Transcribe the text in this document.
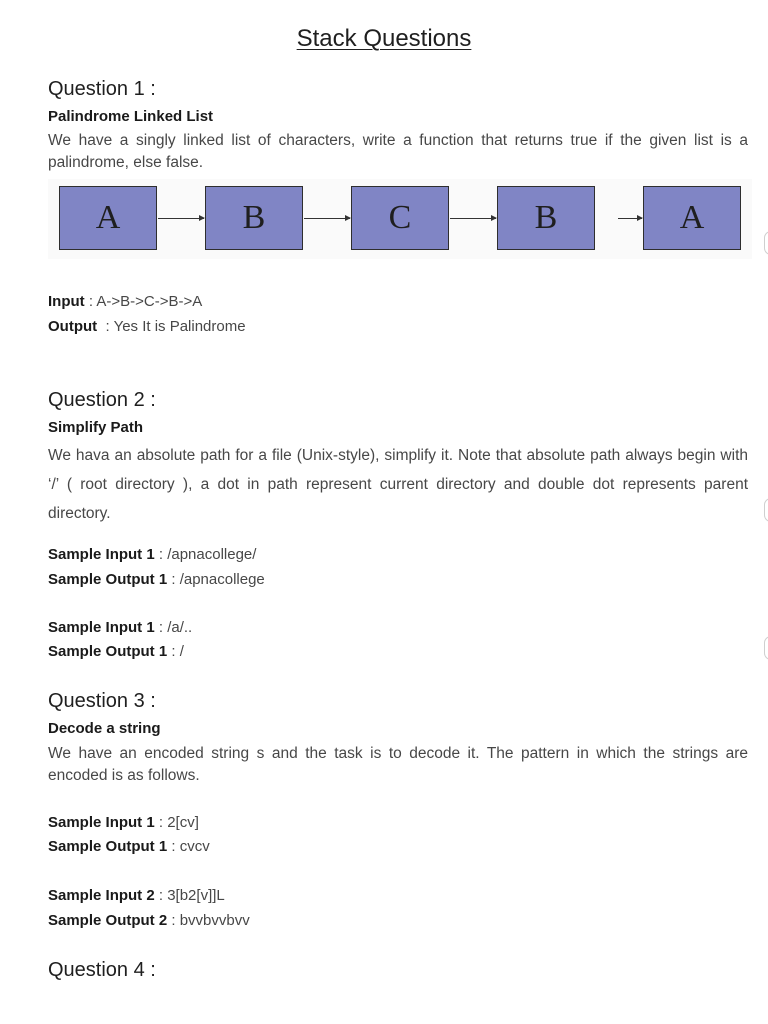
Stack Questions
Question 1 :

Palindrome Linked List

We have a singly linked list of characters, write a function that returns true if the given list is a palindrome, else false.

A	B	C	B	A

Input : A->B->C->B->A

Output  : Yes It is Palindrome

Question 2 :

Simplify Path

We hava an absolute path for a file (Unix-style), simplify it. Note that absolute path always begin with ‘/’ ( root directory ), a dot in path represent current directory and double dot represents parent directory.

Sample Input 1 : /apnacollege/

Sample Output 1 : /apnacollege

Sample Input 1 : /a/..

Sample Output 1 : /

Question 3 :

Decode a string

We have an encoded string s and the task is to decode it. The pattern in which the strings are encoded is as follows.

Sample Input 1 : 2[cv]

Sample Output 1 : cvcv

Sample Input 2 : 3[b2[v]]L

Sample Output 2 : bvvbvvbvv

Question 4 :
